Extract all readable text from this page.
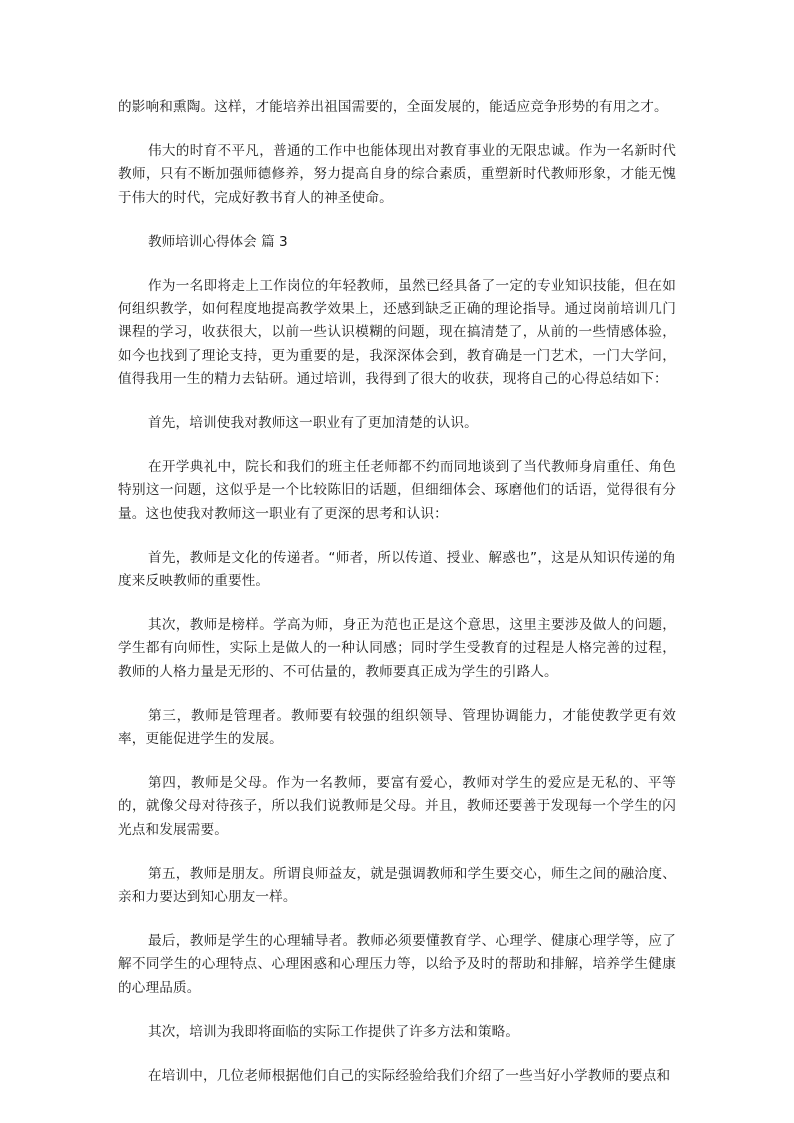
的影响和熏陶。这样，才能培养出祖国需要的，全面发展的，能适应竞争形势的有用之才。

伟大的时育不平凡，普通的工作中也能体现出对教育事业的无限忠诚。作为一名新时代教师，只有不断加强师德修养，努力提高自身的综合素质，重塑新时代教师形象，才能无愧于伟大的时代，完成好教书育人的神圣使命。

教师培训心得体会 篇 3

作为一名即将走上工作岗位的年轻教师，虽然已经具备了一定的专业知识技能，但在如何组织教学，如何程度地提高教学效果上，还感到缺乏正确的理论指导。通过岗前培训几门课程的学习，收获很大，以前一些认识模糊的问题，现在搞清楚了，从前的一些情感体验，如今也找到了理论支持，更为重要的是，我深深体会到，教育确是一门艺术，一门大学问，值得我用一生的精力去钻研。通过培训，我得到了很大的收获，现将自己的心得总结如下：

首先，培训使我对教师这一职业有了更加清楚的认识。

在开学典礼中，院长和我们的班主任老师都不约而同地谈到了当代教师身肩重任、角色特别这一问题，这似乎是一个比较陈旧的话题，但细细体会、琢磨他们的话语，觉得很有分量。这也使我对教师这一职业有了更深的思考和认识：

首先，教师是文化的传递者。“师者，所以传道、授业、解惑也”，这是从知识传递的角度来反映教师的重要性。

其次，教师是榜样。学高为师，身正为范也正是这个意思，这里主要涉及做人的问题，学生都有向师性，实际上是做人的一种认同感；同时学生受教育的过程是人格完善的过程，教师的人格力量是无形的、不可估量的，教师要真正成为学生的引路人。

第三，教师是管理者。教师要有较强的组织领导、管理协调能力，才能使教学更有效率，更能促进学生的发展。

第四，教师是父母。作为一名教师，要富有爱心，教师对学生的爱应是无私的、平等的，就像父母对待孩子，所以我们说教师是父母。并且，教师还要善于发现每一个学生的闪光点和发展需要。

第五，教师是朋友。所谓良师益友，就是强调教师和学生要交心，师生之间的融洽度、亲和力要达到知心朋友一样。

最后，教师是学生的心理辅导者。教师必须要懂教育学、心理学、健康心理学等，应了解不同学生的心理特点、心理困惑和心理压力等，以给予及时的帮助和排解，培养学生健康的心理品质。

其次，培训为我即将面临的实际工作提供了许多方法和策略。

在培训中，几位老师根据他们自己的实际经验给我们介绍了一些当好小学教师的要点和
